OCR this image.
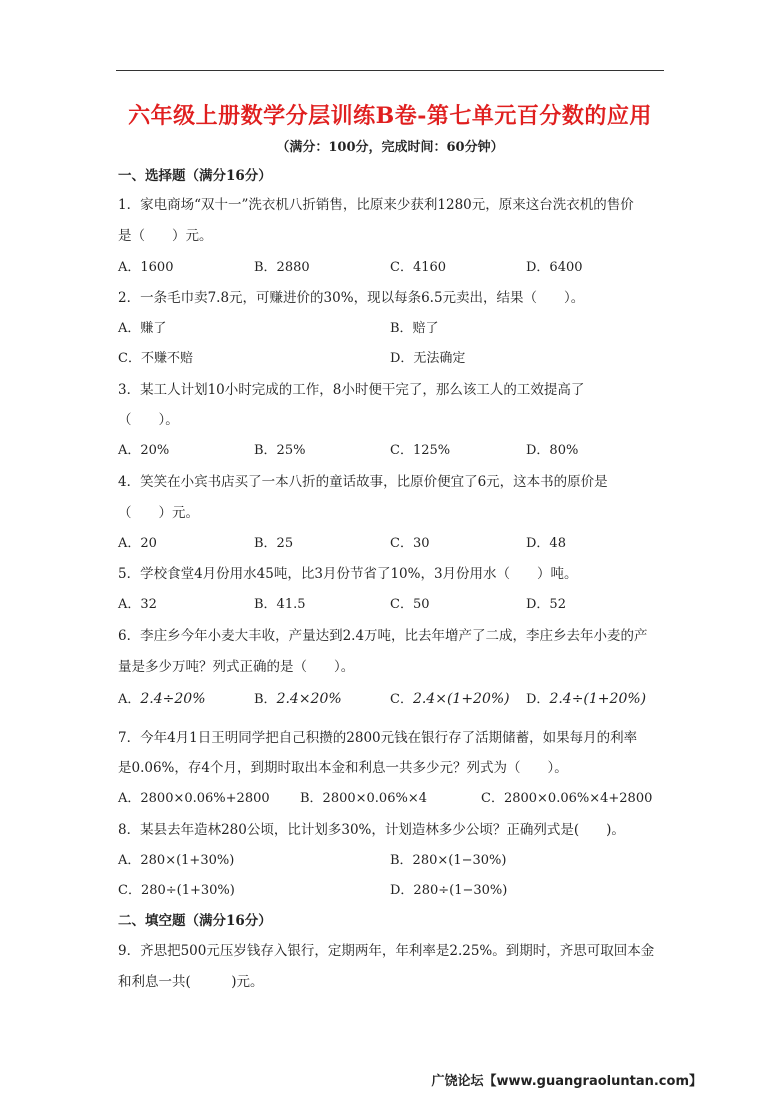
六年级上册数学分层训练B卷-第七单元百分数的应用
（满分：100分，完成时间：60分钟）
一、选择题（满分16分）
1．家电商场“双十一”洗衣机八折销售，比原来少获利1280元，原来这台洗衣机的售价
是（　　）元。
A．1600	B．2880	C．4160	D．6400
2．一条毛巾卖7.8元，可赚进价的30%，现以每条6.5元卖出，结果（　　）。
A．赚了	B．赔了
C．不赚不赔	D．无法确定
3．某工人计划10小时完成的工作，8小时便干完了，那么该工人的工效提高了
（　　）。
A．20%	B．25%	C．125%	D．80%
4．笑笑在小宾书店买了一本八折的童话故事，比原价便宜了6元，这本书的原价是
（　　）元。
A．20	B．25	C．30	D．48
5．学校食堂4月份用水45吨，比3月份节省了10%，3月份用水（　　）吨。
A．32	B．41.5	C．50	D．52
6．李庄乡今年小麦大丰收，产量达到2.4万吨，比去年增产了二成，李庄乡去年小麦的产
量是多少万吨？列式正确的是（　　）。
A．2.4÷20%	B．2.4×20%	C．2.4×(1+20%) D．2.4÷(1+20%)
7．今年4月1日王明同学把自己积攒的2800元钱在银行存了活期储蓄，如果每月的利率
是0.06%，存4个月，到期时取出本金和利息一共多少元？列式为（　　）。
A．2800×0.06%+2800 B．2800×0.06%×4	C．2800×0.06%×4+2800
8．某县去年造林280公顷，比计划多30%，计划造林多少公顷？正确列式是(　　)。
A．280×(1+30%)	B．280×(1−30%)
C．280÷(1+30%)	D．280÷(1−30%)
二、填空题（满分16分）
9．齐思把500元压岁钱存入银行，定期两年，年利率是2.25%。到期时，齐思可取回本金
和利息一共(　　　)元。
广饶论坛【www.guangraoluntan.com】
